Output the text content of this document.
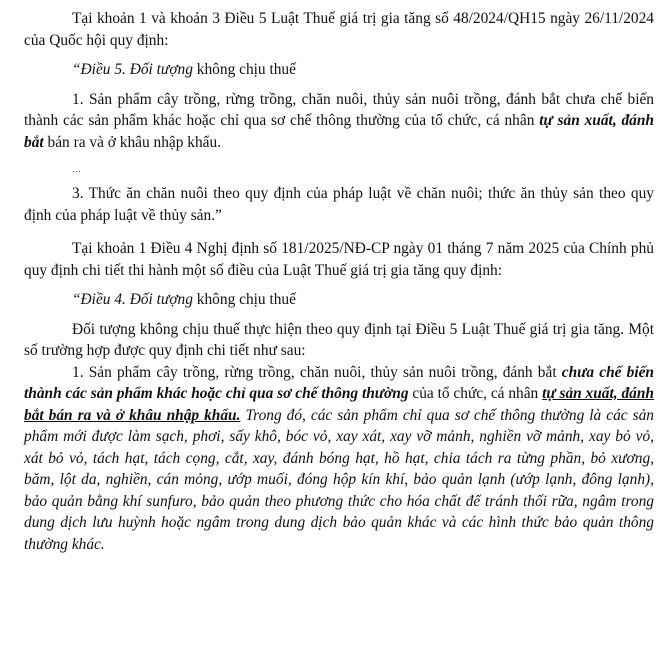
Tại khoản 1 và khoản 3 Điều 5 Luật Thuế giá trị gia tăng số 48/2024/QH15 ngày 26/11/2024 của Quốc hội quy định:

“Điều 5. Đối tượng không chịu thuế

1. Sản phẩm cây trồng, rừng trồng, chăn nuôi, thủy sản nuôi trồng, đánh bắt chưa chế biến thành các sản phẩm khác hoặc chỉ qua sơ chế thông thường của tổ chức, cá nhân tự sản xuất, đánh bắt bán ra và ở khâu nhập khẩu.

…

3. Thức ăn chăn nuôi theo quy định của pháp luật về chăn nuôi; thức ăn thủy sản theo quy định của pháp luật về thủy sản.”

Tại khoản 1 Điều 4 Nghị định số 181/2025/NĐ-CP ngày 01 tháng 7 năm 2025 của Chính phủ quy định chi tiết thi hành một số điều của Luật Thuế giá trị gia tăng quy định:

“Điều 4. Đối tượng không chịu thuế

Đối tượng không chịu thuế thực hiện theo quy định tại Điều 5 Luật Thuế giá trị gia tăng. Một số trường hợp được quy định chi tiết như sau:

1. Sản phẩm cây trồng, rừng trồng, chăn nuôi, thủy sản nuôi trồng, đánh bắt chưa chế biến thành các sản phẩm khác hoặc chỉ qua sơ chế thông thường của tổ chức, cá nhân tự sản xuất, đánh bắt bán ra và ở khâu nhập khẩu. Trong đó, các sản phẩm chỉ qua sơ chế thông thường là các sản phẩm mới được làm sạch, phơi, sấy khô, bóc vỏ, xay xát, xay vỡ mảnh, nghiền vỡ mảnh, xay bỏ vỏ, xát bỏ vỏ, tách hạt, tách cọng, cắt, xay, đánh bóng hạt, hồ hạt, chia tách ra từng phần, bỏ xương, băm, lột da, nghiền, cán mỏng, ướp muối, đóng hộp kín khí, bảo quản lạnh (ướp lạnh, đông lạnh), bảo quản bằng khí sunfuro, bảo quản theo phương thức cho hóa chất để tránh thối rữa, ngâm trong dung dịch lưu huỳnh hoặc ngâm trong dung dịch bảo quản khác và các hình thức bảo quản thông thường khác.
